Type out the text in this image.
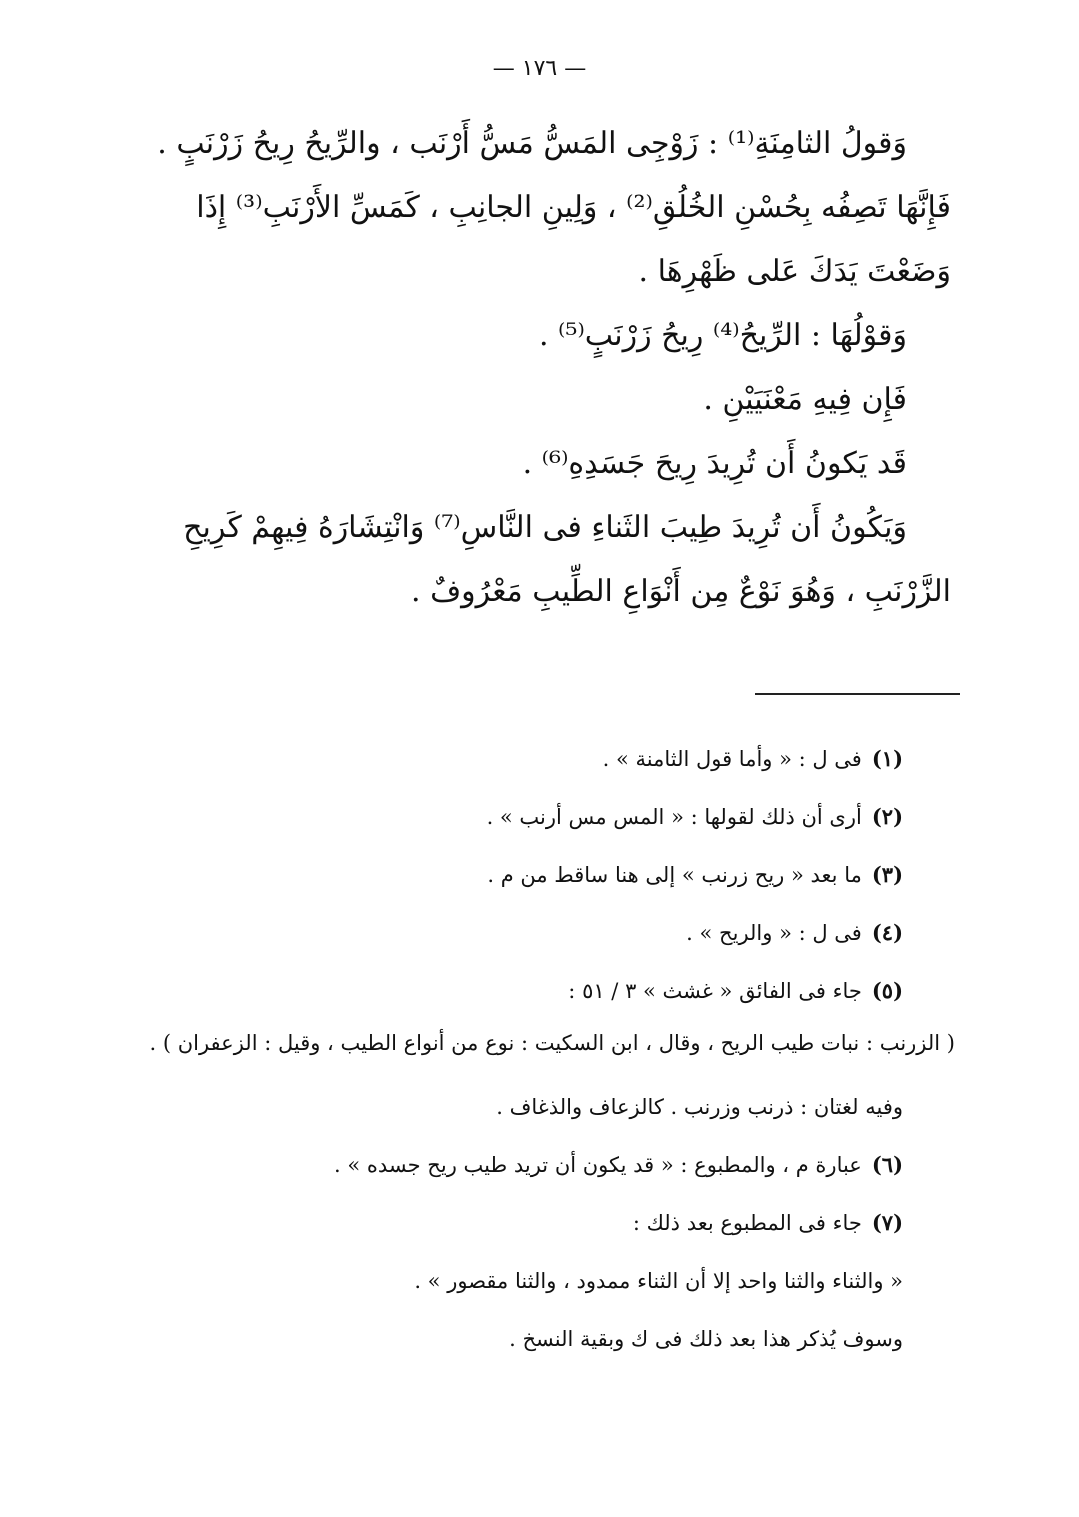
— ١٧٦ —

وَقولُ الثامِنَةِ⁽¹⁾ : زَوْجِى المَسُّ مَسُّ أَرْنَب ، والرِّيحُ رِيحُ زَرْنَبٍ .

فَإِنَّهَا تَصِفُه بِحُسْنِ الخُلُقِ⁽²⁾ ، وَلِينِ الجانِبِ ، كَمَسِّ الأَرْنَبِ⁽³⁾ إِذَا

وَضَعْتَ يَدَكَ عَلى ظَهْرِهَا .

وَقوْلُهَا : الرِّيحُ⁽⁴⁾ رِيحُ زَرْنَبٍ⁽⁵⁾ .

فَإِن فِيهِ مَعْنَيَيْنِ .

قَد يَكونُ أَن تُرِيدَ رِيحَ جَسَدِهِ⁽⁶⁾ .

وَيَكُونُ أَن تُرِيدَ طِيبَ الثَناءِ فى النَّاسِ⁽⁷⁾ وَانْتِشَارَهُ فِيهِمْ كَرِيحِ

الزَّرْنَبِ ، وَهُوَ نَوْعٌ مِن أَنْوَاعِ الطِّيبِ مَعْرُوفٌ .

(١)فى ل : « وأما قول الثامنة » .

(٢)أرى أن ذلك لقولها : « المس مس أرنب » .

(٣)ما بعد « ريح زرنب » إلى هنا ساقط من م .

(٤)فى ل : « والريح » .

(٥)جاء فى الفائق « غشث » ٣ / ٥١ :

( الزرنب : نبات طيب الريح ، وقال ، ابن السكيت : نوع من أنواع الطيب ، وقيل : الزعفران ) .

وفيه لغتان : ذرنب وزرنب . كالزعاف والذغاف .

(٦)عبارة م ، والمطبوع : « قد يكون أن تريد طيب ريح جسده » .

(٧)جاء فى المطبوع بعد ذلك :

« والثناء والثنا واحد إلا أن الثناء ممدود ، والثنا مقصور » .

وسوف يُذكر هذا بعد ذلك فى ك وبقية النسخ .
